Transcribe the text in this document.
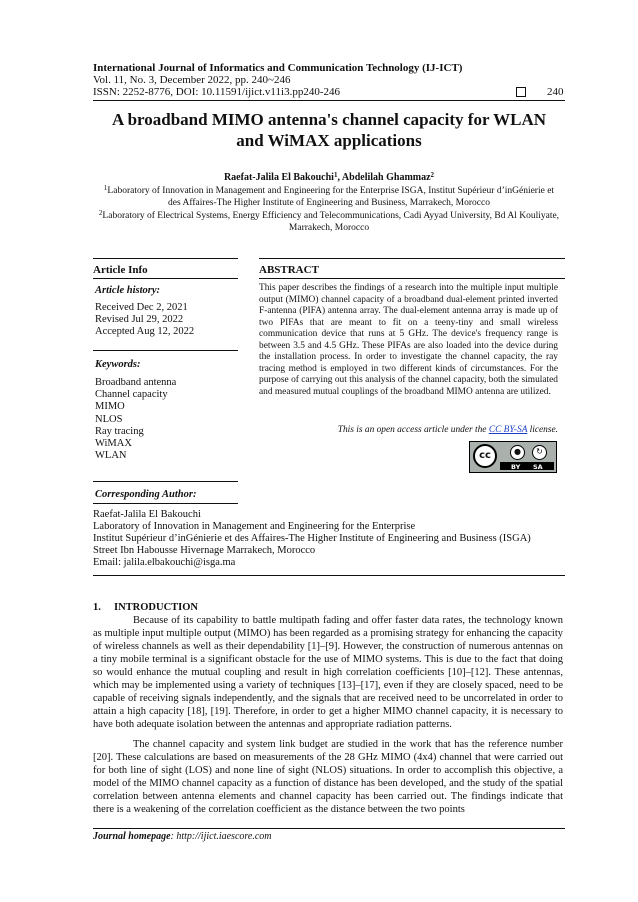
International Journal of Informatics and Communication Technology (IJ-ICT)
Vol. 11, No. 3, December 2022, pp. 240~246
ISSN: 2252-8776, DOI: 10.11591/ijict.v11i3.pp240-246	240
A broadband MIMO antenna's channel capacity for WLAN
and WiMAX applications
Raefat-Jalila El Bakouchi$^1$, Abdelilah Ghammaz$^2$
$^1$Laboratory of Innovation in Management and Engineering for the Enterprise ISGA, Institut Supérieur d’inGénierie et
des Affaires-The Higher Institute of Engineering and Business, Marrakech, Morocco
$^2$Laboratory of Electrical Systems, Energy Efficiency and Telecommunications, Cadi Ayyad University, Bd Al Kouliyate,
Marrakech, Morocco
Article Info	ABSTRACT
Article history:
Received Dec 2, 2021
Revised Jul 29, 2022
Accepted Aug 12, 2022
Keywords:
Broadband antenna
Channel capacity
MIMO
NLOS
Ray tracing
WiMAX
WLAN
This paper describes the findings of a research into the multiple input multiple output (MIMO) channel capacity of a broadband dual-element printed inverted F-antenna (PIFA) antenna array. The dual-element antenna array is made up of two PIFAs that are meant to fit on a teeny-tiny and small wireless communication device that runs at 5 GHz. The device's frequency range is between 3.5 and 4.5 GHz. These PIFAs are also loaded into the device during the installation process. In order to investigate the channel capacity, the ray tracing method is employed in two different kinds of circumstances. For the purpose of carrying out this analysis of the channel capacity, both the simulated and measured mutual couplings of the broadband MIMO antenna are utilized.
This is an open access article under the CC BY-SA license.
cc	●	↻
BY SA
Corresponding Author:
Raefat-Jalila El Bakouchi
Laboratory of Innovation in Management and Engineering for the Enterprise
Institut Supérieur d’inGénierie et des Affaires-The Higher Institute of Engineering and Business (ISGA)
Street Ibn Habousse Hivernage Marrakech, Morocco
Email: jalila.elbakouchi@isga.ma
1.     INTRODUCTION
Because of its capability to battle multipath fading and offer faster data rates, the technology known as multiple input multiple output (MIMO) has been regarded as a promising strategy for enhancing the capacity of wireless channels as well as their dependability [1]–[9]. However, the construction of numerous antennas on a tiny mobile terminal is a significant obstacle for the use of MIMO systems. This is due to the fact that doing so would enhance the mutual coupling and result in high correlation coefficients [10]–[12]. These antennas, which may be implemented using a variety of techniques [13]–[17], even if they are closely spaced, need to be capable of receiving signals independently, and the signals that are received need to be uncorrelated in order to attain a high capacity [18], [19]. Therefore, in order to get a higher MIMO channel capacity, it is necessary to have both adequate isolation between the antennas and appropriate radiation patterns.
The channel capacity and system link budget are studied in the work that has the reference number [20]. These calculations are based on measurements of the 28 GHz MIMO (4x4) channel that were carried out for both line of sight (LOS) and none line of sight (NLOS) situations. In order to accomplish this objective, a model of the MIMO channel capacity as a function of distance has been developed, and the study of the spatial correlation between antenna elements and channel capacity has been carried out. The findings indicate that there is a weakening of the correlation coefficient as the distance between the two points
Journal homepage: http://ijict.iaescore.com
